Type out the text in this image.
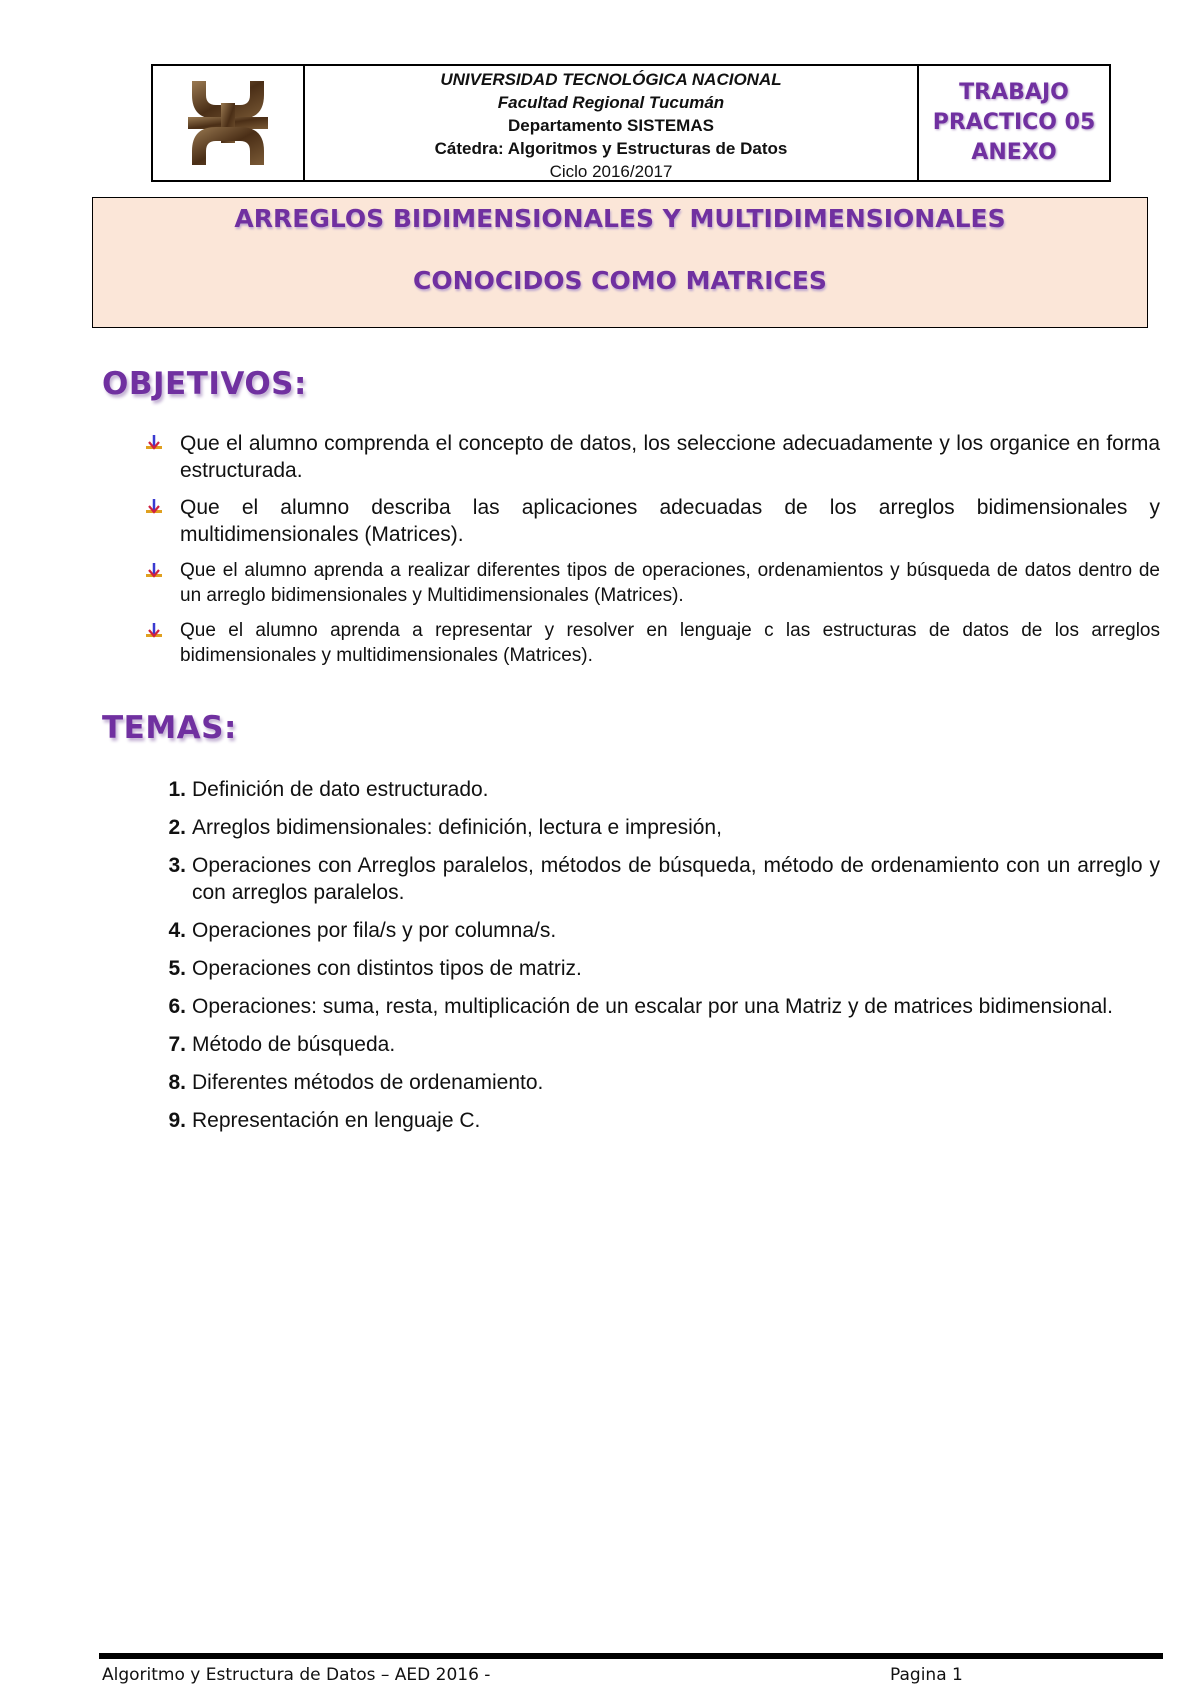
UNIVERSIDAD TECNOLÓGICA NACIONAL
Facultad Regional Tucumán
Departamento SISTEMAS
Cátedra: Algoritmos y Estructuras de Datos
Ciclo 2016/2017
TRABAJO
PRACTICO 05
ANEXO
ARREGLOS BIDIMENSIONALES Y MULTIDIMENSIONALES
CONOCIDOS COMO MATRICES
OBJETIVOS:
Que el alumno comprenda el concepto de datos, los seleccione adecuadamente y los organice en forma estructurada.
Que el alumno describa las aplicaciones adecuadas de los arreglos bidimensionales y multidimensionales (Matrices).
Que el alumno aprenda a realizar diferentes tipos de operaciones, ordenamientos y búsqueda de datos dentro de un arreglo bidimensionales y Multidimensionales (Matrices).
Que el alumno aprenda a representar y resolver en lenguaje c las estructuras de datos de los arreglos bidimensionales y multidimensionales (Matrices).
TEMAS:
1. Definición de dato estructurado.
2. Arreglos bidimensionales: definición, lectura e impresión,
3. Operaciones con Arreglos paralelos, métodos de búsqueda, método de ordenamiento con un arreglo y con arreglos paralelos.
4. Operaciones por fila/s y por columna/s.
5. Operaciones con distintos tipos de matriz.
6. Operaciones: suma, resta, multiplicación de un escalar por una Matriz y de matrices bidimensional.
7. Método de búsqueda.
8. Diferentes métodos de ordenamiento.
9. Representación en lenguaje C.
Algoritmo y Estructura de Datos – AED 2016 -	Pagina 1
